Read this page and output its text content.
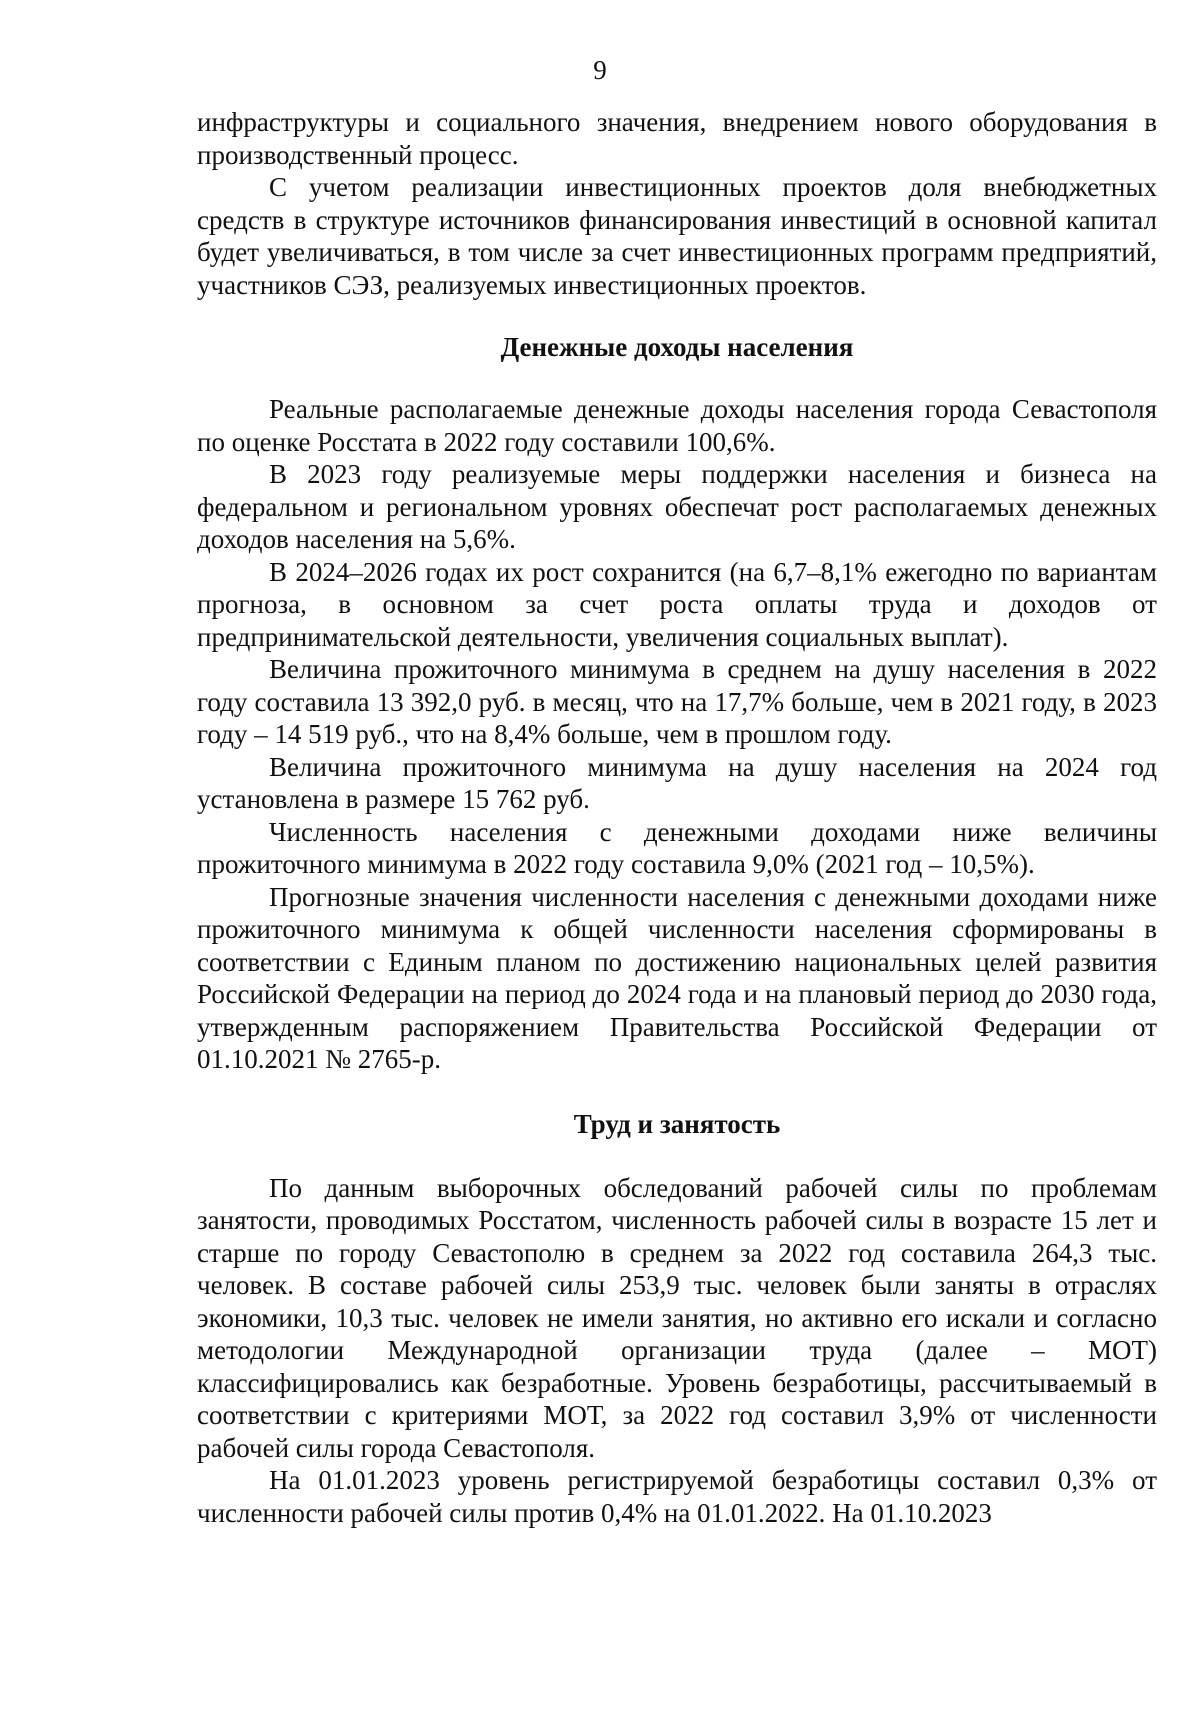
9

инфраструктуры и социального значения, внедрением нового оборудования в производственный процесс.

С учетом реализации инвестиционных проектов доля внебюджетных средств в структуре источников финансирования инвестиций в основной капитал будет увеличиваться, в том числе за счет инвестиционных программ предприятий, участников СЭЗ, реализуемых инвестиционных проектов.

Денежные доходы населения

Реальные располагаемые денежные доходы населения города Севастополя по оценке Росстата в 2022 году составили 100,6%.

В 2023 году реализуемые меры поддержки населения и бизнеса на федеральном и региональном уровнях обеспечат рост располагаемых денежных доходов населения на 5,6%.

В 2024–2026 годах их рост сохранится (на 6,7–8,1% ежегодно по вариантам прогноза, в основном за счет роста оплаты труда и доходов от предпринимательской деятельности, увеличения социальных выплат).

Величина прожиточного минимума в среднем на душу населения в 2022 году составила 13 392,0 руб. в месяц, что на 17,7% больше, чем в 2021 году, в 2023 году – 14 519 руб., что на 8,4% больше, чем в прошлом году.

Величина прожиточного минимума на душу населения на 2024 год установлена в размере 15 762 руб.

Численность населения с денежными доходами ниже величины прожиточного минимума в 2022 году составила 9,0% (2021 год – 10,5%).

Прогнозные значения численности населения с денежными доходами ниже прожиточного минимума к общей численности населения сформированы в соответствии с Единым планом по достижению национальных целей развития Российской Федерации на период до 2024 года и на плановый период до 2030 года, утвержденным распоряжением Правительства Российской Федерации от 01.10.2021 № 2765-р.

Труд и занятость

По данным выборочных обследований рабочей силы по проблемам занятости, проводимых Росстатом, численность рабочей силы в возрасте 15 лет и старше по городу Севастополю в среднем за 2022 год составила 264,3 тыс. человек. В составе рабочей силы 253,9 тыс. человек были заняты в отраслях экономики, 10,3 тыс. человек не имели занятия, но активно его искали и согласно методологии Международной организации труда (далее – МОТ) классифицировались как безработные. Уровень безработицы, рассчитываемый в соответствии с критериями МОТ, за 2022 год составил 3,9% от численности рабочей силы города Севастополя.

На 01.01.2023 уровень регистрируемой безработицы составил 0,3% от численности рабочей силы против 0,4% на 01.01.2022. На 01.10.2023
